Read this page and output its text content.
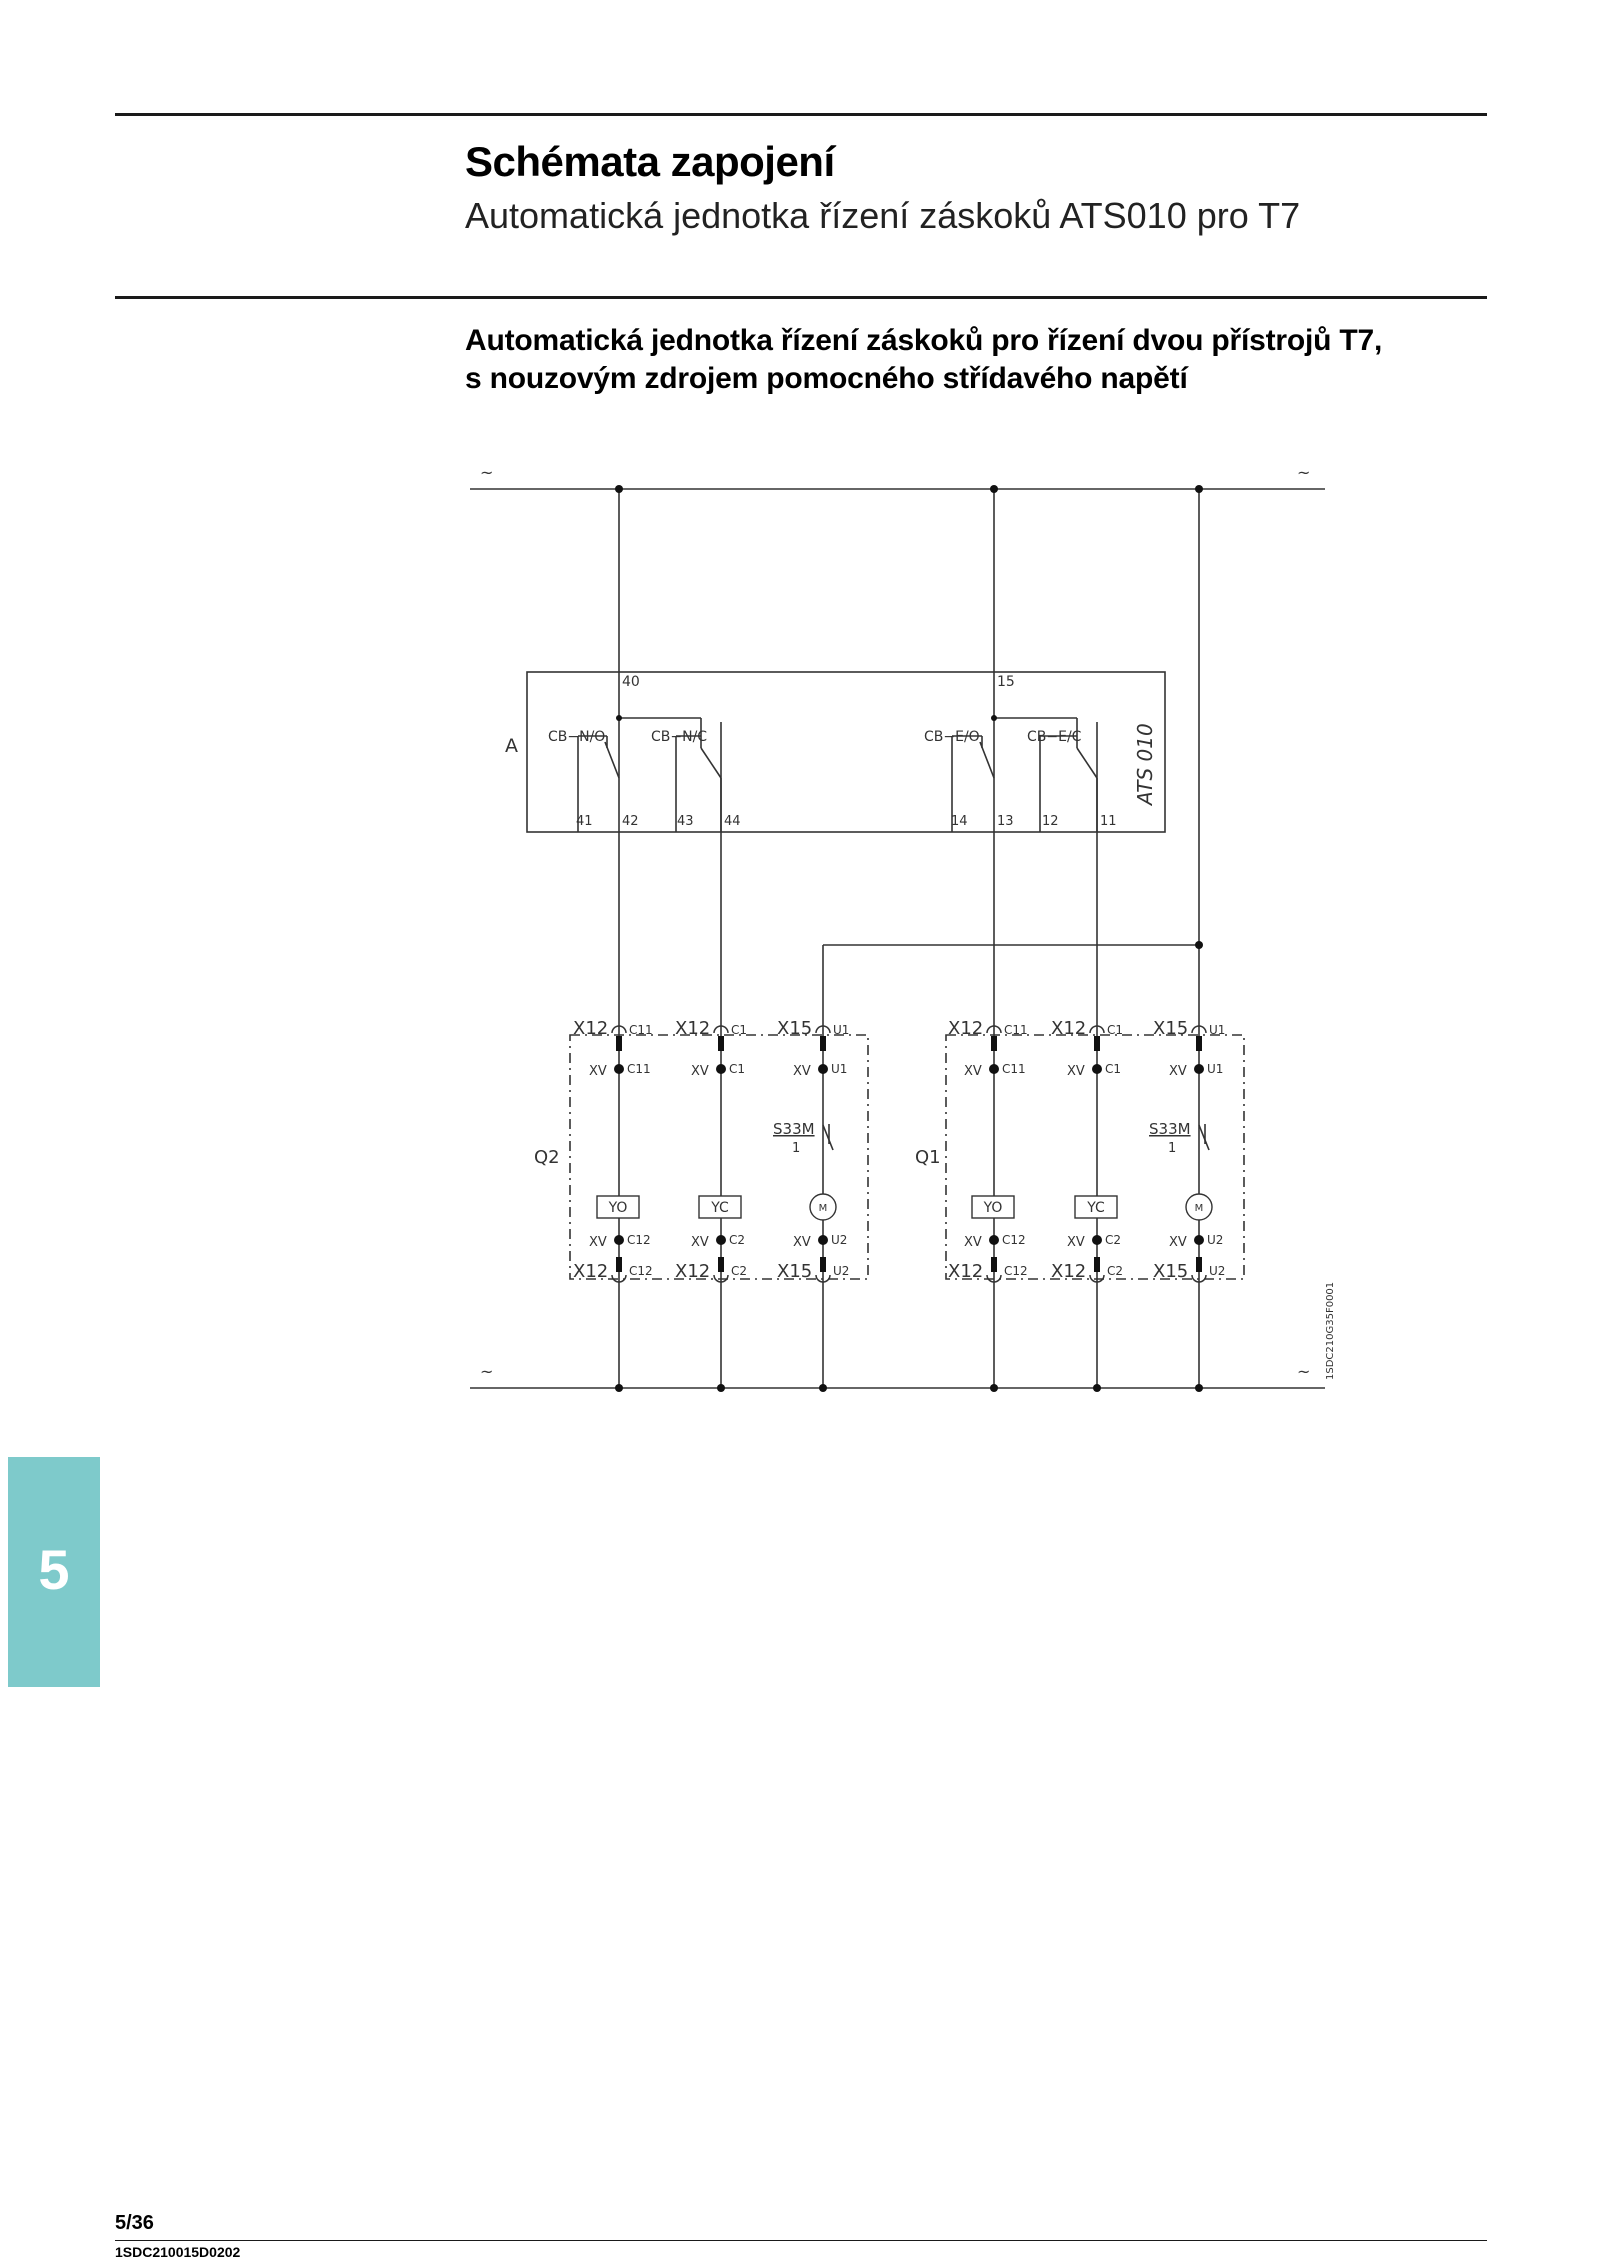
Schémata zapojení
Automatická jednotka řízení záskoků ATS010 pro T7
Automatická jednotka řízení záskoků pro řízení dvou přístrojů T7,
s nouzovým zdrojem pomocného střídavého napětí
X12 C11
XV C11
XV C12
X12 C12
X12 C1
XV C1
XV C2
X12 C2
X15 U1
XV U1
XV U2
X15 U2
X12 C11
XV C11
XV C12
X12 C12
X12 C1
XV C1
XV C2
X12 C2
X15 U1
XV U1
XV U2
X15 U2
~	~
~	~
A	ATS 010
40	15
CB−N/O	CB−N/C	CB−E/O	CB−E/C
41 42	43 44	14 13 12	11
Q2	Q1
S33M
1
S33M
1
YO	YC	M	YO	YC	M
1SDC210G35F0001
5
5/36
1SDC210015D0202
